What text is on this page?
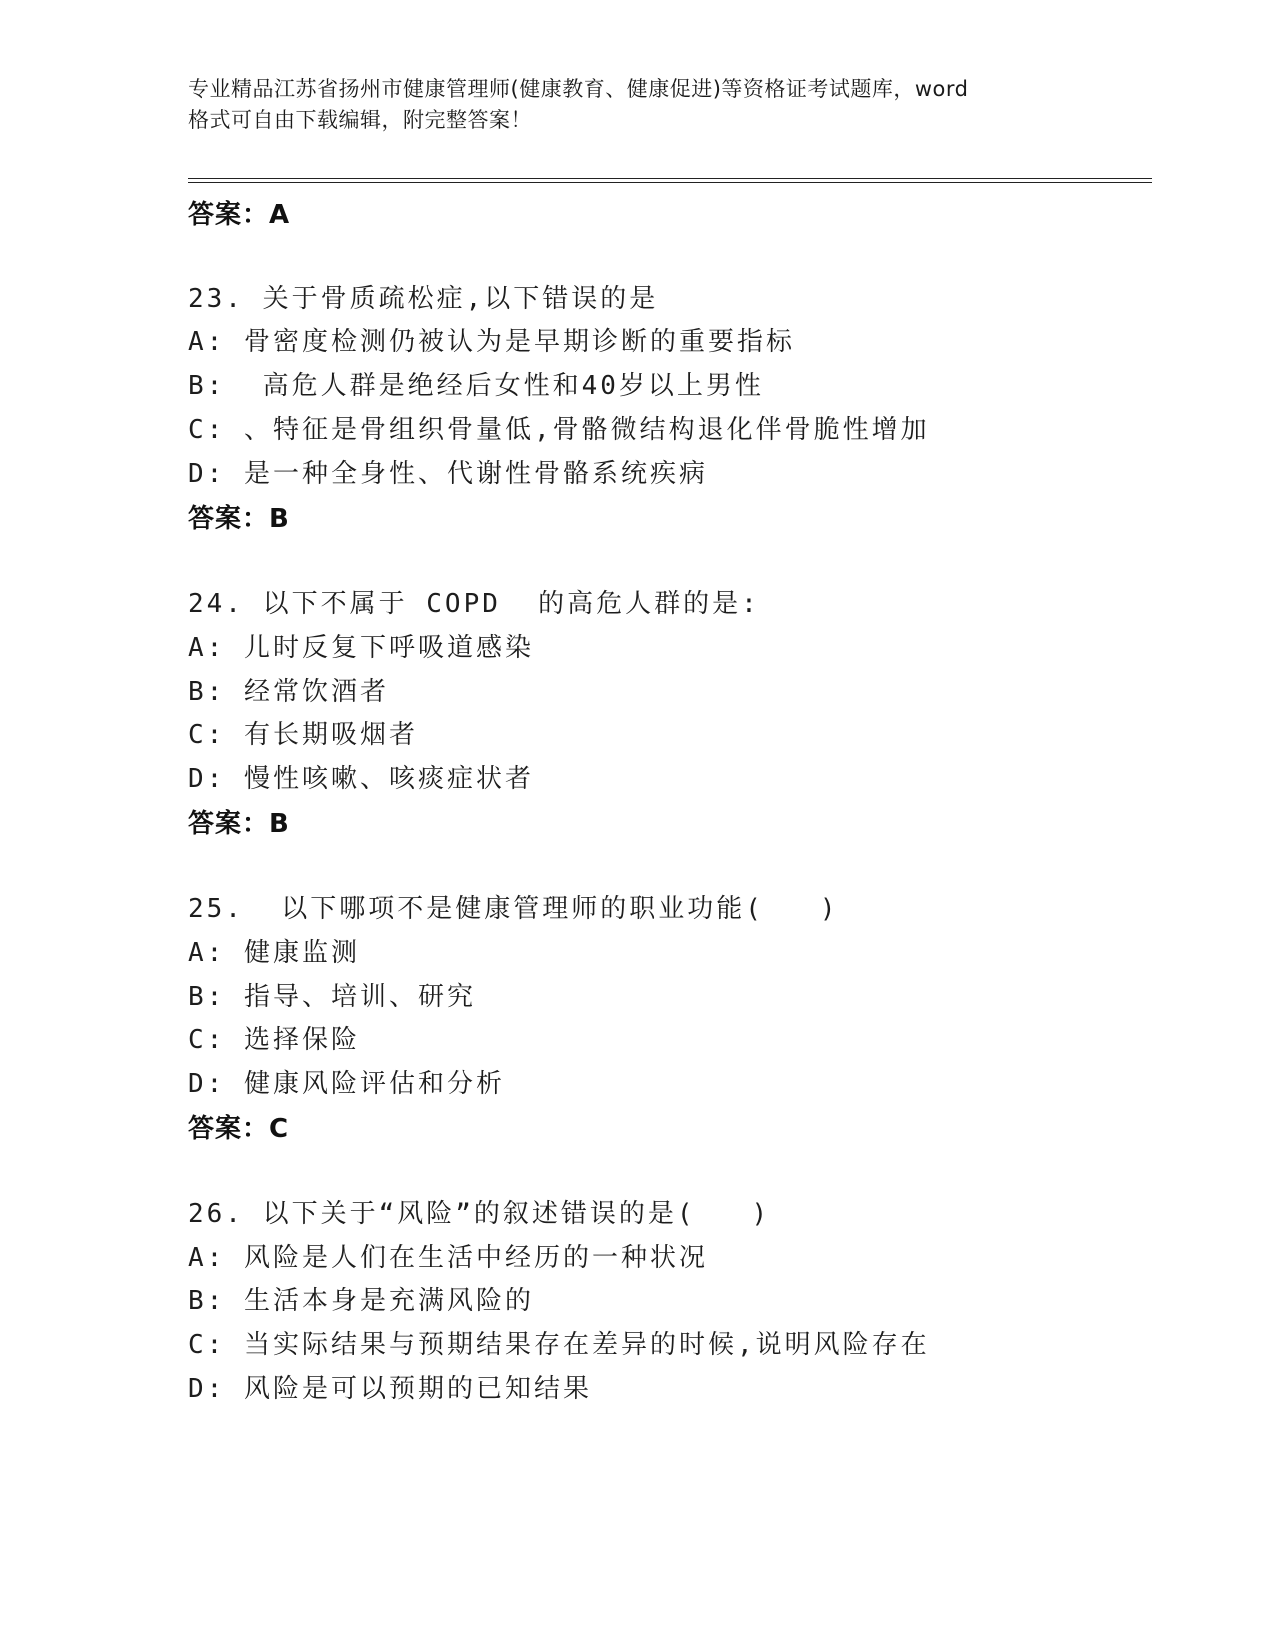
专业精品江苏省扬州市健康管理师(健康教育、健康促进)等资格证考试题库，word
格式可自由下载编辑，附完整答案！
答案：A
23. 关于骨质疏松症,以下错误的是
A: 骨密度检测仍被认为是早期诊断的重要指标
B:  高危人群是绝经后女性和40岁以上男性
C: 、特征是骨组织骨量低,骨骼微结构退化伴骨脆性增加
D: 是一种全身性、代谢性骨骼系统疾病
答案：B
24. 以下不属于 COPD  的高危人群的是:
A: 儿时反复下呼吸道感染
B: 经常饮酒者
C: 有长期吸烟者
D: 慢性咳嗽、咳痰症状者
答案：B
25.  以下哪项不是健康管理师的职业功能(   )
A: 健康监测
B: 指导、培训、研究
C: 选择保险
D: 健康风险评估和分析
答案：C
26. 以下关于“风险”的叙述错误的是(   )
A: 风险是人们在生活中经历的一种状况
B: 生活本身是充满风险的
C: 当实际结果与预期结果存在差异的时候,说明风险存在
D: 风险是可以预期的已知结果
